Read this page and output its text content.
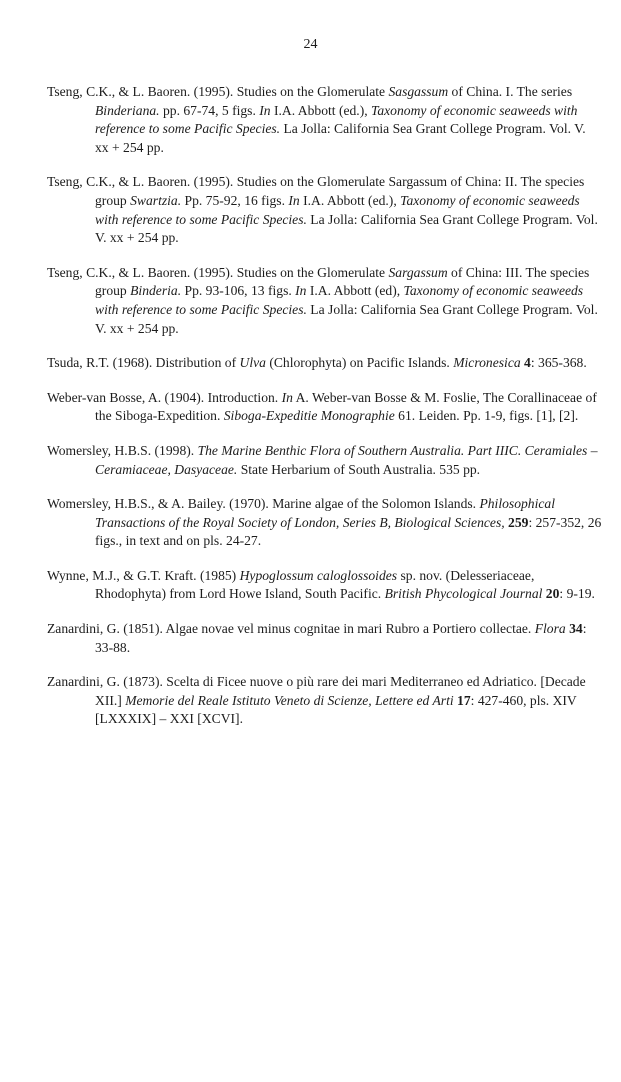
24

Tseng, C.K., & L. Baoren. (1995). Studies on the Glomerulate Sasgassum of China. I. The series Binderiana. pp. 67-74, 5 figs. In I.A. Abbott (ed.), Taxonomy of economic seaweeds with reference to some Pacific Species. La Jolla: California Sea Grant College Program. Vol. V. xx + 254 pp.

Tseng, C.K., & L. Baoren. (1995). Studies on the Glomerulate Sargassum of China: II. The species group Swartzia. Pp. 75-92, 16 figs. In I.A. Abbott (ed.), Taxonomy of economic seaweeds with reference to some Pacific Species. La Jolla: California Sea Grant College Program. Vol. V. xx + 254 pp.

Tseng, C.K., & L. Baoren. (1995). Studies on the Glomerulate Sargassum of China: III. The species group Binderia. Pp. 93-106, 13 figs. In I.A. Abbott (ed), Taxonomy of economic seaweeds with reference to some Pacific Species. La Jolla: California Sea Grant College Program. Vol. V. xx + 254 pp.

Tsuda, R.T. (1968). Distribution of Ulva (Chlorophyta) on Pacific Islands. Micronesica 4: 365-368.

Weber-van Bosse, A. (1904). Introduction. In A. Weber-van Bosse & M. Foslie, The Corallinaceae of the Siboga-Expedition. Siboga-Expeditie Monographie 61. Leiden. Pp. 1-9, figs. [1], [2].

Womersley, H.B.S. (1998). The Marine Benthic Flora of Southern Australia. Part IIIC. Ceramiales – Ceramiaceae, Dasyaceae. State Herbarium of South Australia. 535 pp.

Womersley, H.B.S., & A. Bailey. (1970). Marine algae of the Solomon Islands. Philosophical Transactions of the Royal Society of London, Series B, Biological Sciences, 259: 257-352, 26 figs., in text and on pls. 24-27.

Wynne, M.J., & G.T. Kraft. (1985) Hypoglossum caloglossoides sp. nov. (Delesseriaceae, Rhodophyta) from Lord Howe Island, South Pacific. British Phycological Journal 20: 9-19.

Zanardini, G. (1851). Algae novae vel minus cognitae in mari Rubro a Portiero collectae. Flora 34: 33-88.

Zanardini, G. (1873). Scelta di Ficee nuove o più rare dei mari Mediterraneo ed Adriatico. [Decade XII.] Memorie del Reale Istituto Veneto di Scienze, Lettere ed Arti 17: 427-460, pls. XIV [LXXXIX] – XXI [XCVI].
